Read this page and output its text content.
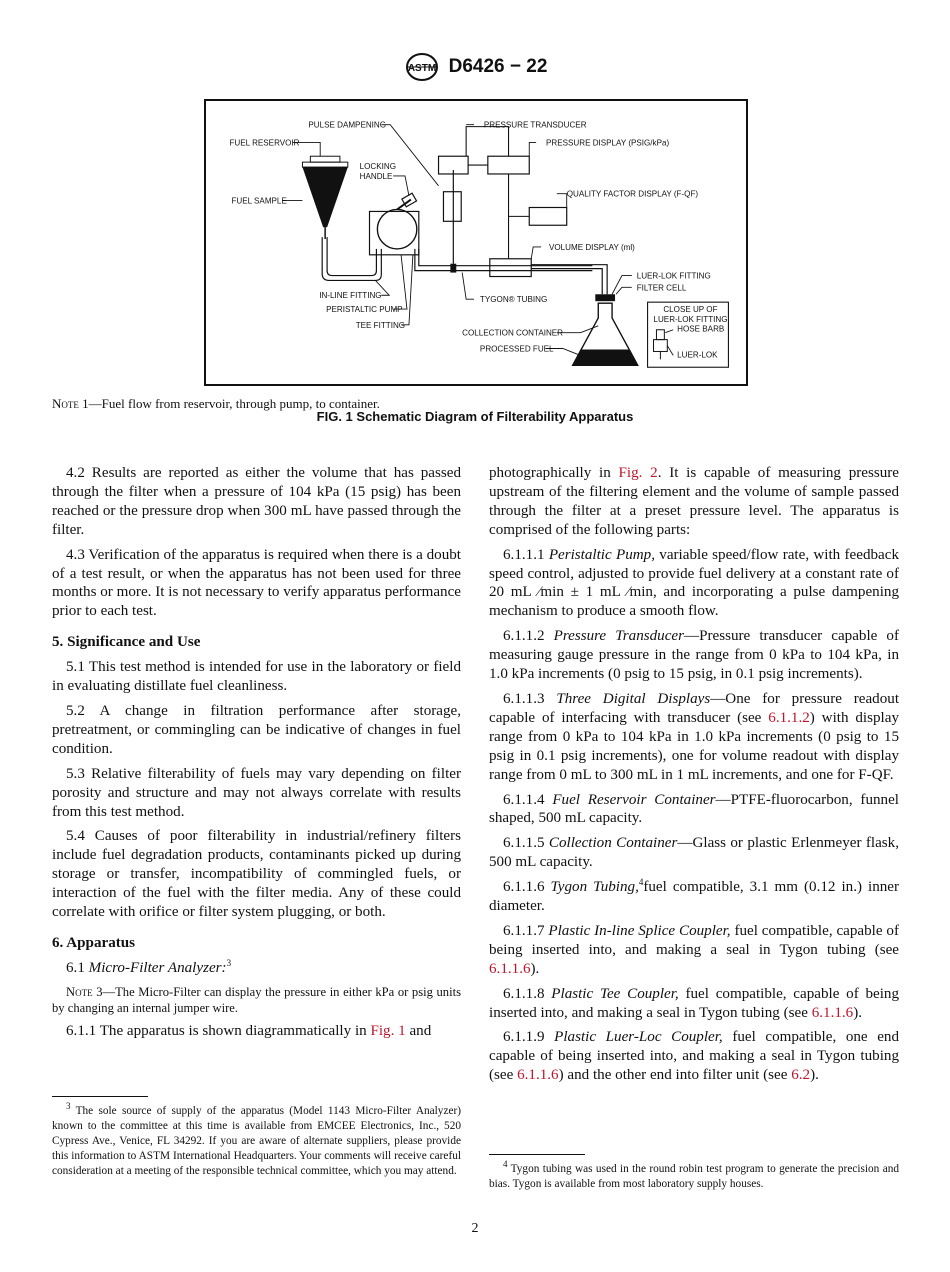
ASTM D6426 − 22
PULSE DAMPENING	PRESSURE TRANSDUCER
FUEL RESERVOIR	PRESSURE DISPLAY (PSIG/kPa)
LOCKING
HANDLE
FUEL SAMPLE
QUALITY FACTOR DISPLAY (F-QF)
VOLUME DISPLAY (ml)
LUER-LOK FITTING
FILTER CELL
IN-LINE FITTING	TYGON® TUBING
PERISTALTIC PUMP
TEE FITTING
COLLECTION CONTAINER
PROCESSED FUEL
CLOSE UP OF
LUER-LOK FITTING
HOSE BARB
LUER-LOK
Note 1—Fuel flow from reservoir, through pump, to container.
FIG. 1 Schematic Diagram of Filterability Apparatus

4.2 Results are reported as either the volume that has passed through the filter when a pressure of 104 kPa (15 psig) has been reached or the pressure drop when 300 mL have passed through the filter.

4.3 Verification of the apparatus is required when there is a doubt of a test result, or when the apparatus has not been used for three months or more. It is not necessary to verify apparatus performance prior to each test.

5. Significance and Use

5.1 This test method is intended for use in the laboratory or field in evaluating distillate fuel cleanliness.

5.2 A change in filtration performance after storage, pretreatment, or commingling can be indicative of changes in fuel condition.

5.3 Relative filterability of fuels may vary depending on filter porosity and structure and may not always correlate with results from this test method.

5.4 Causes of poor filterability in industrial/refinery filters include fuel degradation products, contaminants picked up during storage or transfer, incompatibility of commingled fuels, or interaction of the fuel with the filter media. Any of these could correlate with orifice or filter system plugging, or both.

6. Apparatus

6.1 Micro-Filter Analyzer:$^3$

Note 3—The Micro-Filter can display the pressure in either kPa or psig units by changing an internal jumper wire.

6.1.1 The apparatus is shown diagrammatically in Fig. 1 and

$^3$ The sole source of supply of the apparatus (Model 1143 Micro-Filter Analyzer) known to the committee at this time is available from EMCEE Electronics, Inc., 520 Cypress Ave., Venice, FL 34292. If you are aware of alternate suppliers, please provide this information to ASTM International Headquarters. Your comments will receive careful consideration at a meeting of the responsible technical committee, which you may attend.

photographically in Fig. 2. It is capable of measuring pressure upstream of the filtering element and the volume of sample passed through the filter at a preset pressure level. The apparatus is comprised of the following parts:

6.1.1.1 Peristaltic Pump, variable speed/flow rate, with feedback speed control, adjusted to provide fuel delivery at a constant rate of 20 mL ⁄min ± 1 mL ⁄min, and incorporating a pulse dampening mechanism to produce a smooth flow.

6.1.1.2 Pressure Transducer—Pressure transducer capable of measuring gauge pressure in the range from 0 kPa to 104 kPa, in 1.0 kPa increments (0 psig to 15 psig, in 0.1 psig increments).

6.1.1.3 Three Digital Displays—One for pressure readout capable of interfacing with transducer (see 6.1.1.2) with display range from 0 kPa to 104 kPa in 1.0 kPa increments (0 psig to 15 psig in 0.1 psig increments), one for volume readout with display range from 0 mL to 300 mL in 1 mL increments, and one for F-QF.

6.1.1.4 Fuel Reservoir Container—PTFE-fluorocarbon, funnel shaped, 500 mL capacity.

6.1.1.5 Collection Container—Glass or plastic Erlenmeyer flask, 500 mL capacity.

6.1.1.6 Tygon Tubing,$^4$fuel compatible, 3.1 mm (0.12 in.) inner diameter.

6.1.1.7 Plastic In-line Splice Coupler, fuel compatible, capable of being inserted into, and making a seal in Tygon tubing (see 6.1.1.6).

6.1.1.8 Plastic Tee Coupler, fuel compatible, capable of being inserted into, and making a seal in Tygon tubing (see 6.1.1.6).

6.1.1.9 Plastic Luer-Loc Coupler, fuel compatible, one end capable of being inserted into, and making a seal in Tygon tubing (see 6.1.1.6) and the other end into filter unit (see 6.2).

$^4$ Tygon tubing was used in the round robin test program to generate the precision and bias. Tygon is available from most laboratory supply houses.

2
